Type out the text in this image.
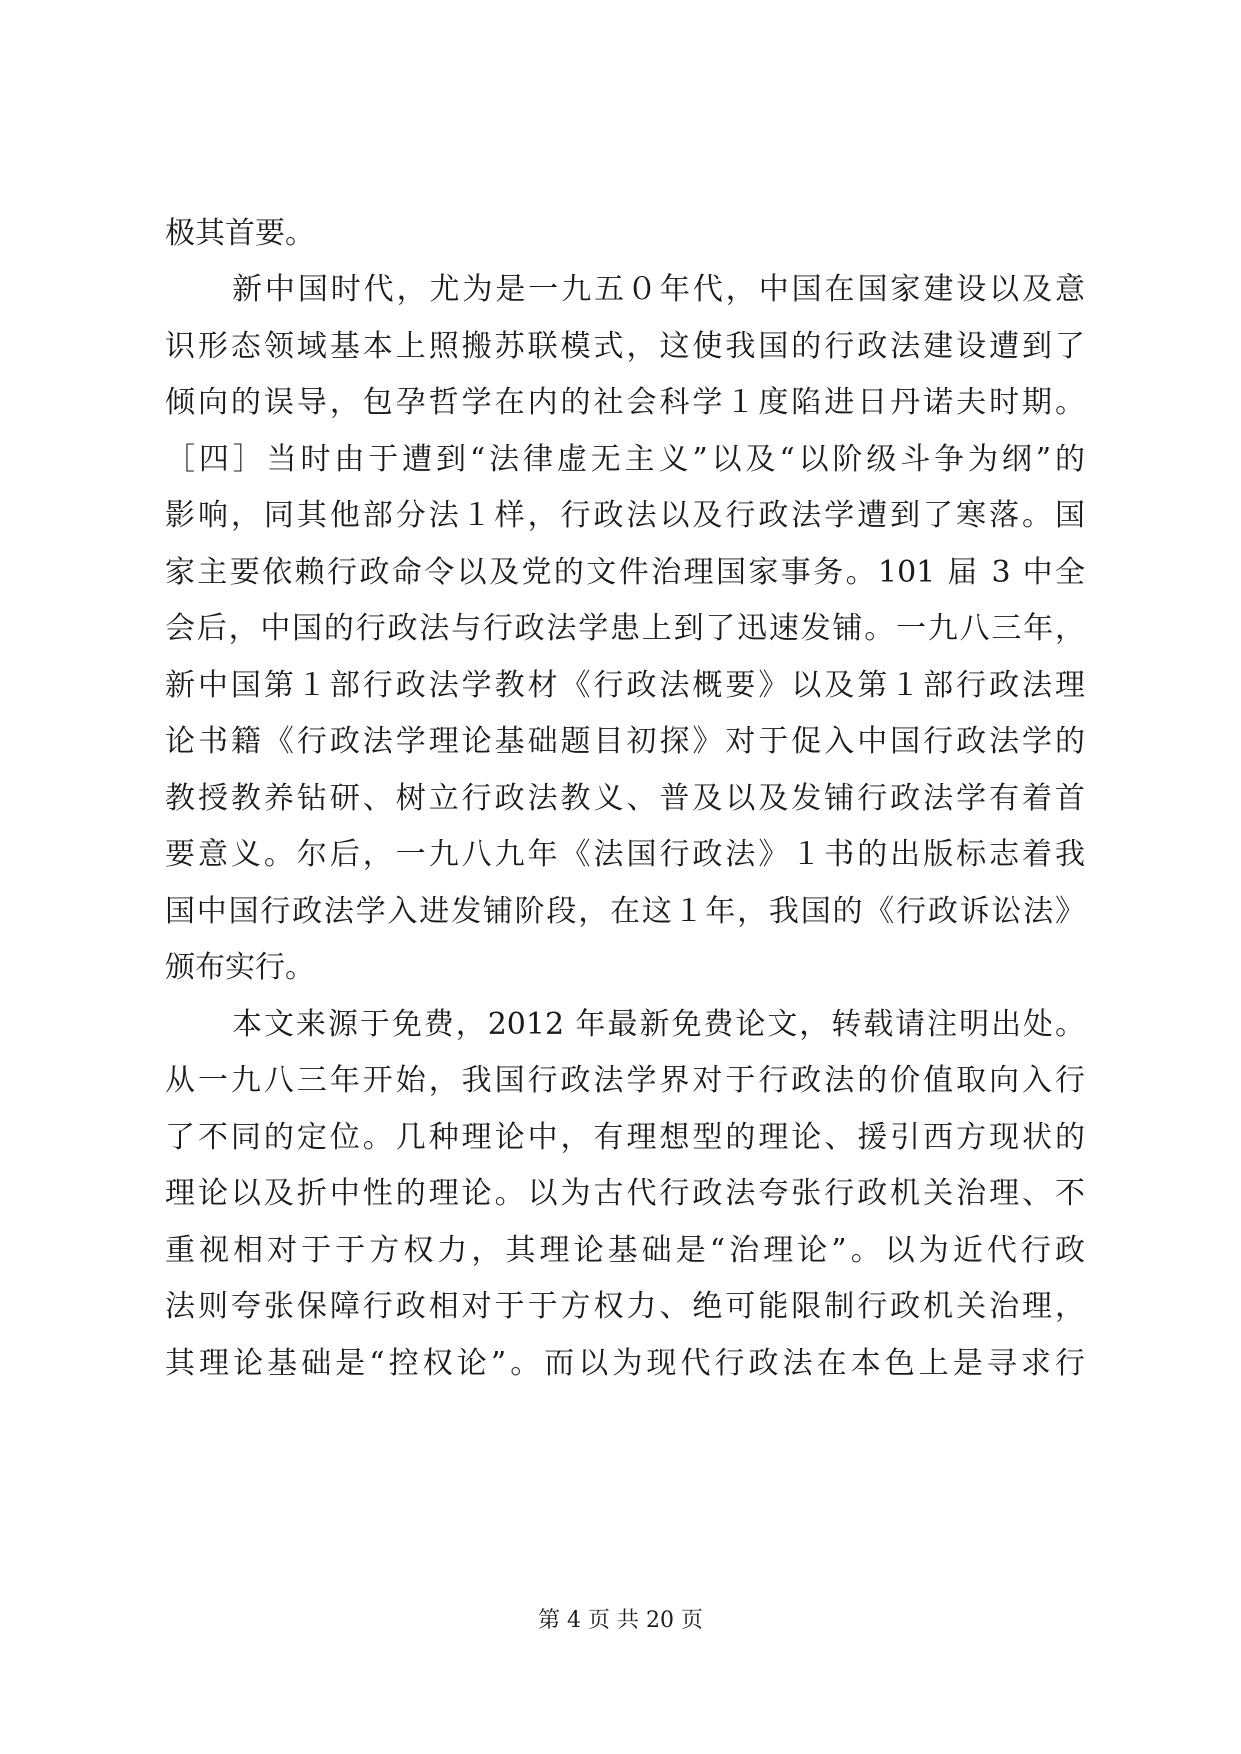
极其首要。
新中国时代，尤为是一九五０年代，中国在国家建设以及意
识形态领域基本上照搬苏联模式，这使我国的行政法建设遭到了
倾向的误导，包孕哲学在内的社会科学１度陷进日丹诺夫时期。
［四］当时由于遭到“法律虚无主义”以及“以阶级斗争为纲”的
影响，同其他部分法１样，行政法以及行政法学遭到了寒落。国
家主要依赖行政命令以及党的文件治理国家事务。101 届 3 中全
会后，中国的行政法与行政法学患上到了迅速发铺。一九八三年，
新中国第１部行政法学教材《行政法概要》以及第１部行政法理
论书籍《行政法学理论基础题目初探》对于促入中国行政法学的
教授教养钻研、树立行政法教义、普及以及发铺行政法学有着首
要意义。尔后，一九八九年《法国行政法》１书的出版标志着我
国中国行政法学入进发铺阶段，在这１年，我国的《行政诉讼法》
颁布实行。
本文来源于免费，2012 年最新免费论文，转载请注明出处。
从一九八三年开始，我国行政法学界对于行政法的价值取向入行
了不同的定位。几种理论中，有理想型的理论、援引西方现状的
理论以及折中性的理论。以为古代行政法夸张行政机关治理、不
重视相对于于方权力，其理论基础是“治理论”。以为近代行政
法则夸张保障行政相对于于方权力、绝可能限制行政机关治理，
其理论基础是“控权论”。而以为现代行政法在本色上是寻求行
第 4 页 共 20 页
